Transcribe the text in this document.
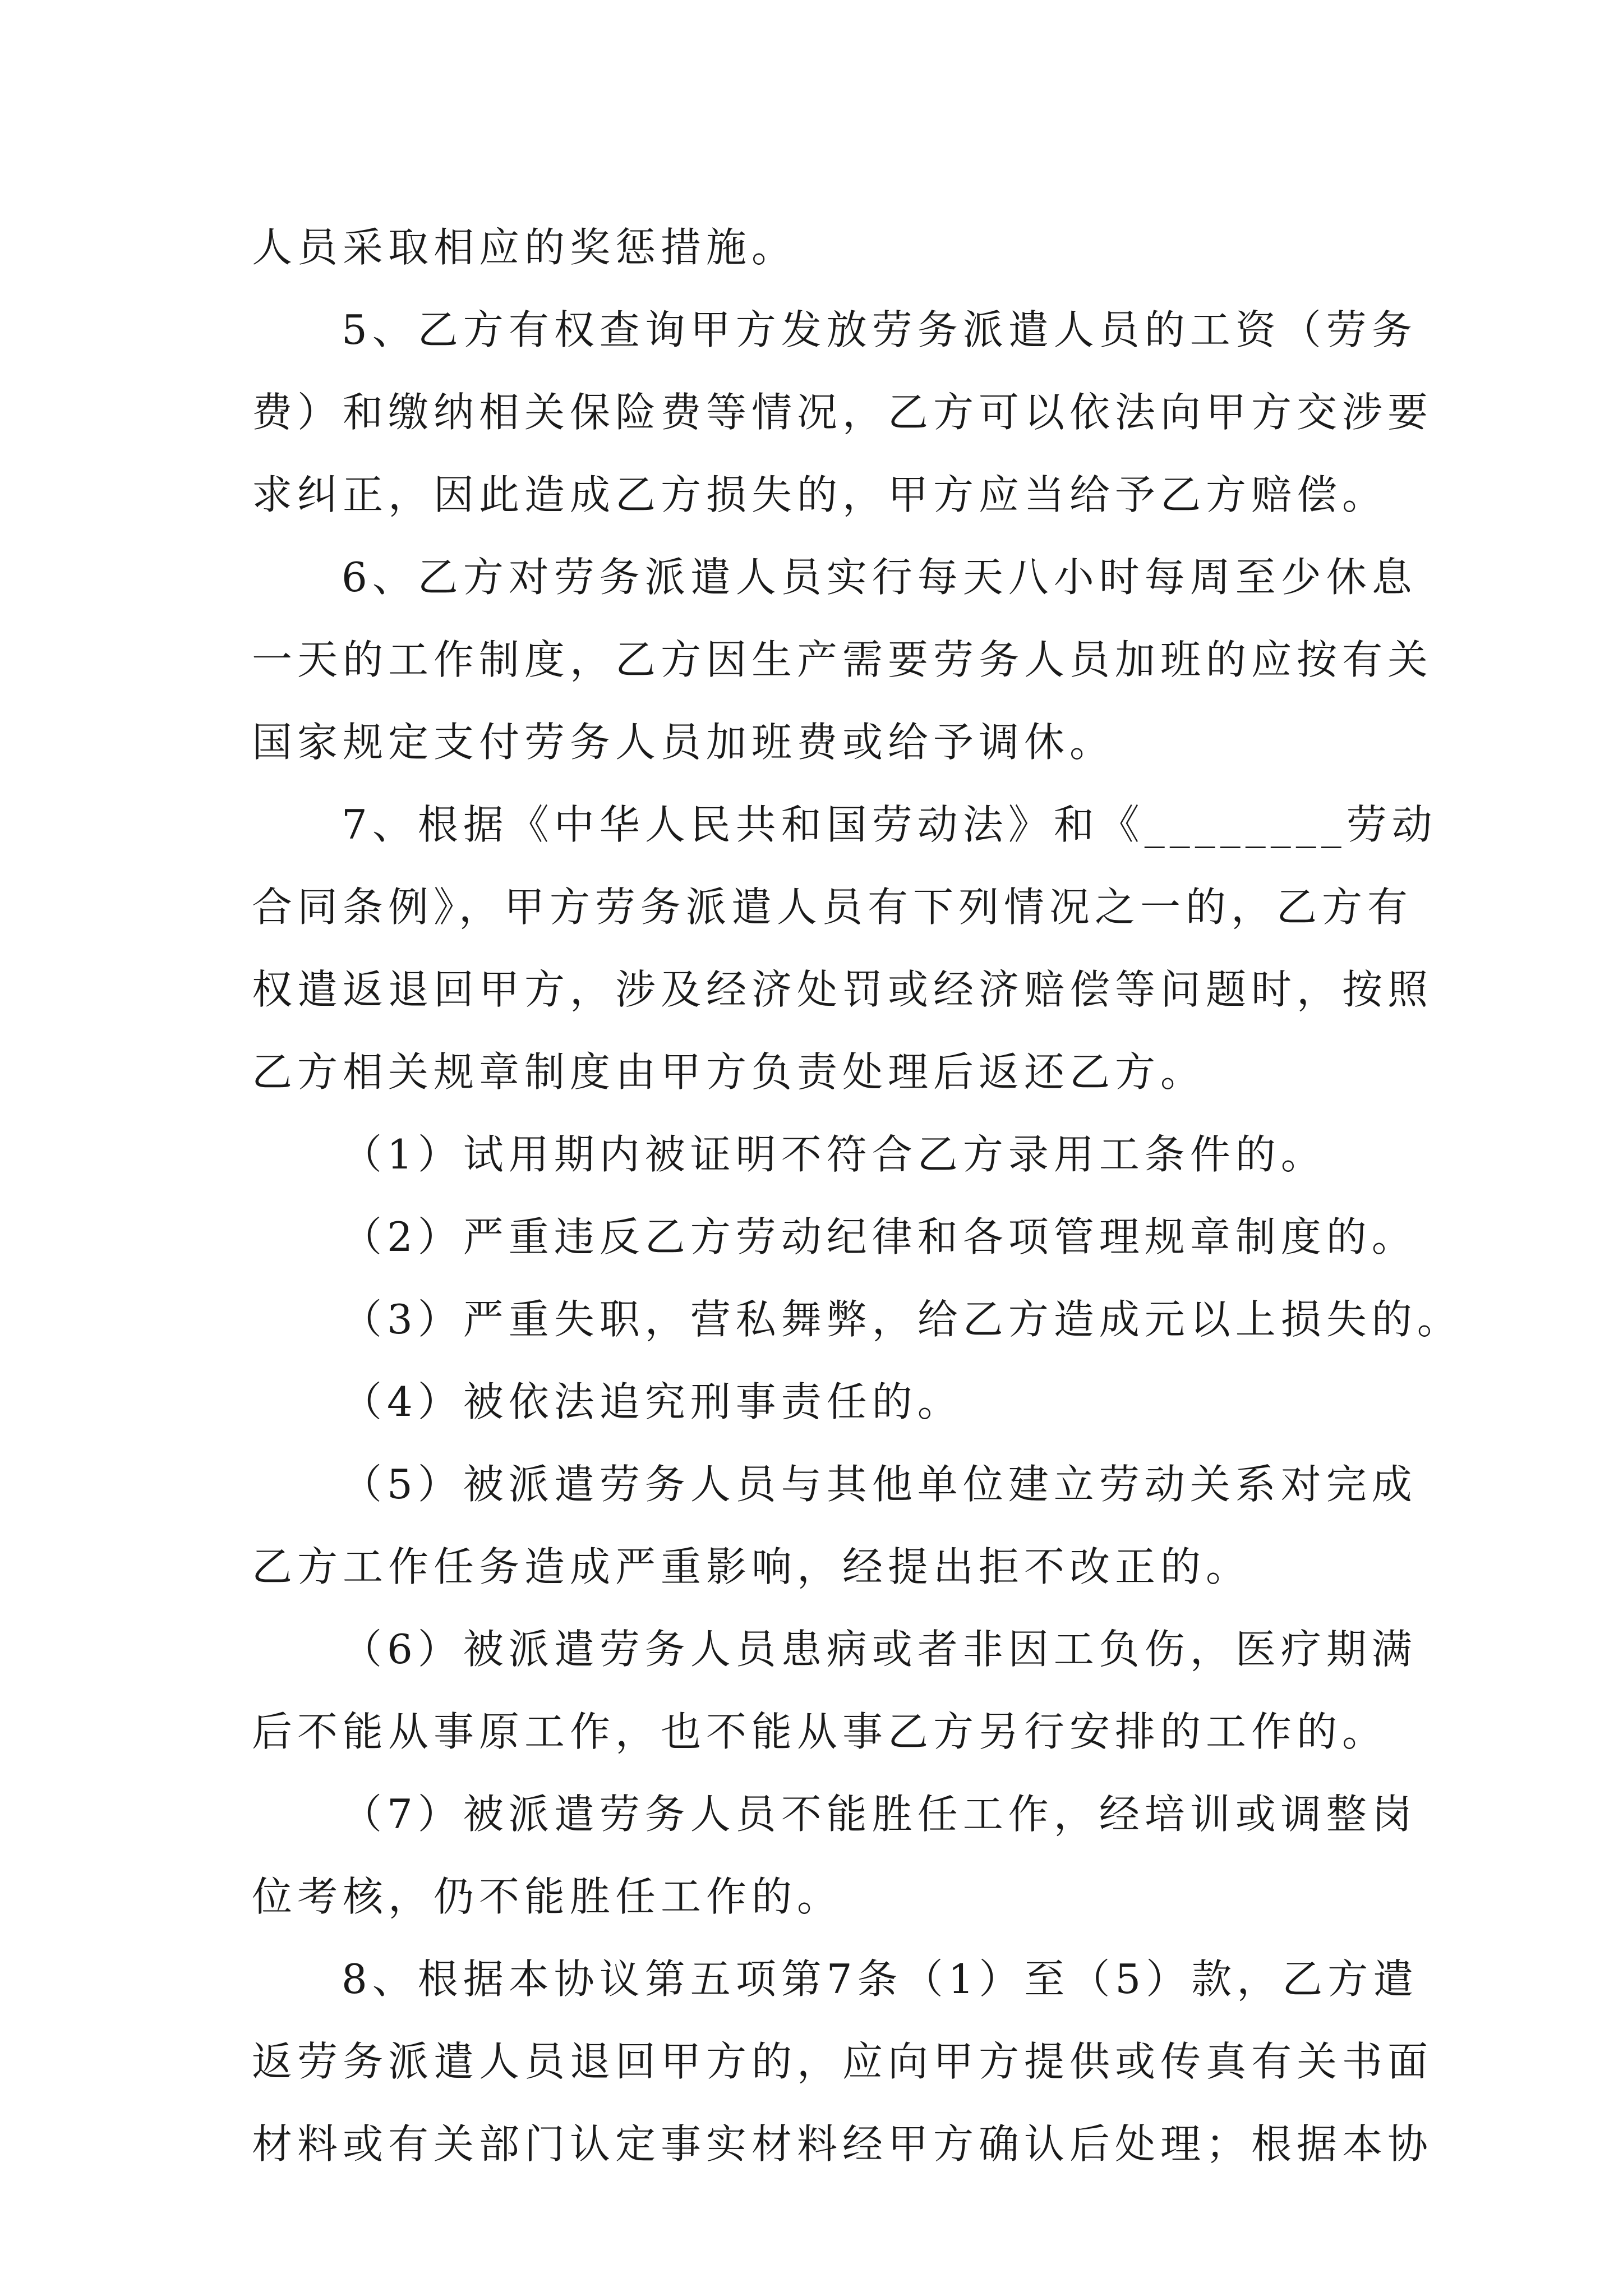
人员采取相应的奖惩措施。
5、乙方有权查询甲方发放劳务派遣人员的工资（劳务
费）和缴纳相关保险费等情况，乙方可以依法向甲方交涉要
求纠正，因此造成乙方损失的，甲方应当给予乙方赔偿。
6、乙方对劳务派遣人员实行每天八小时每周至少休息
一天的工作制度，乙方因生产需要劳务人员加班的应按有关
国家规定支付劳务人员加班费或给予调休。
7、根据《中华人民共和国劳动法》和《________劳动
合同条例》，甲方劳务派遣人员有下列情况之一的，乙方有
权遣返退回甲方，涉及经济处罚或经济赔偿等问题时，按照
乙方相关规章制度由甲方负责处理后返还乙方。
（1）试用期内被证明不符合乙方录用工条件的。
（2）严重违反乙方劳动纪律和各项管理规章制度的。
（3）严重失职，营私舞弊，给乙方造成元以上损失的。
（4）被依法追究刑事责任的。
（5）被派遣劳务人员与其他单位建立劳动关系对完成
乙方工作任务造成严重影响，经提出拒不改正的。
（6）被派遣劳务人员患病或者非因工负伤，医疗期满
后不能从事原工作，也不能从事乙方另行安排的工作的。
（7）被派遣劳务人员不能胜任工作，经培训或调整岗
位考核，仍不能胜任工作的。
8、根据本协议第五项第7条（1）至（5）款，乙方遣
返劳务派遣人员退回甲方的，应向甲方提供或传真有关书面
材料或有关部门认定事实材料经甲方确认后处理；根据本协
